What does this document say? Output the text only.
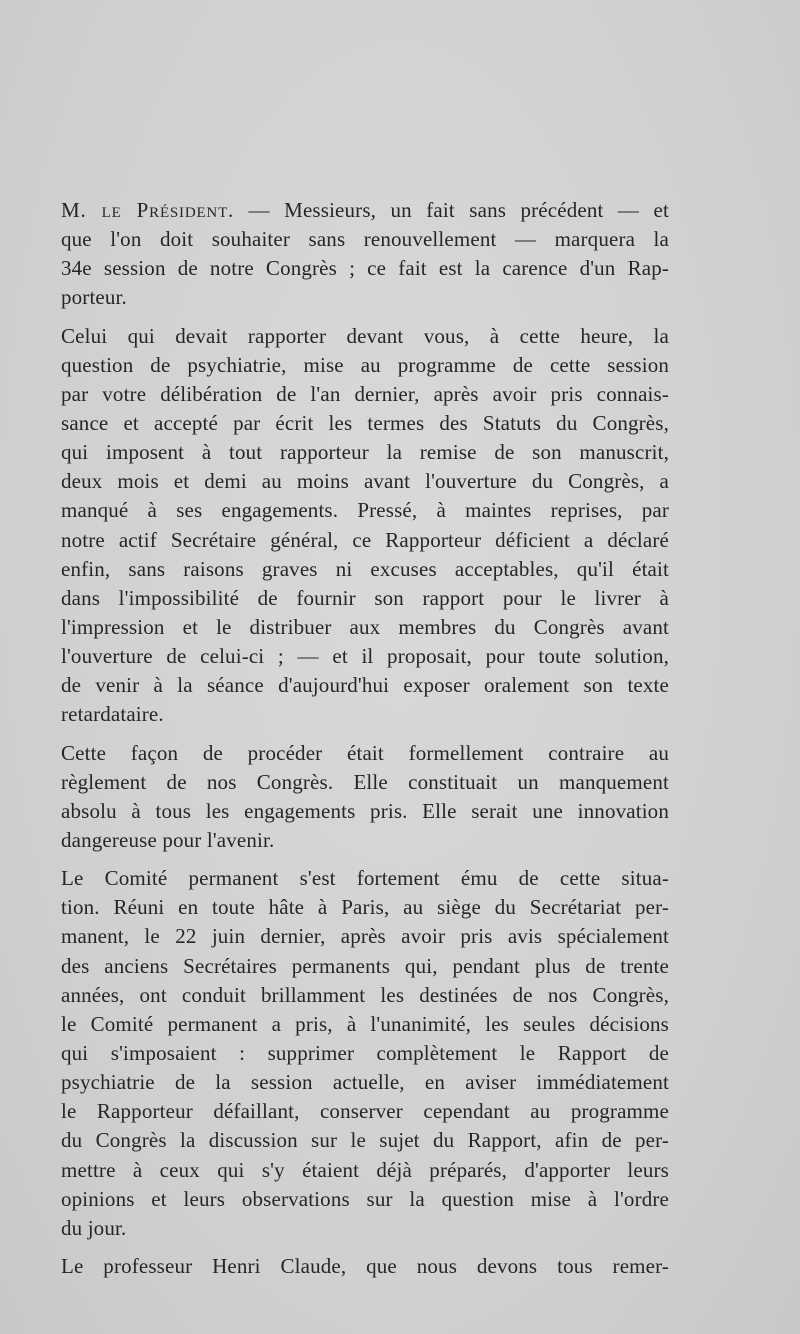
M. le Président. — Messieurs, un fait sans précédent — et
que l'on doit souhaiter sans renouvellement — marquera la
34e session de notre Congrès ; ce fait est la carence d'un Rap-
porteur.
Celui qui devait rapporter devant vous, à cette heure, la
question de psychiatrie, mise au programme de cette session
par votre délibération de l'an dernier, après avoir pris connais-
sance et accepté par écrit les termes des Statuts du Congrès,
qui imposent à tout rapporteur la remise de son manuscrit,
deux mois et demi au moins avant l'ouverture du Congrès, a
manqué à ses engagements. Pressé, à maintes reprises, par
notre actif Secrétaire général, ce Rapporteur déficient a déclaré
enfin, sans raisons graves ni excuses acceptables, qu'il était
dans l'impossibilité de fournir son rapport pour le livrer à
l'impression et le distribuer aux membres du Congrès avant
l'ouverture de celui-ci ; — et il proposait, pour toute solution,
de venir à la séance d'aujourd'hui exposer oralement son texte
retardataire.
Cette façon de procéder était formellement contraire au
règlement de nos Congrès. Elle constituait un manquement
absolu à tous les engagements pris. Elle serait une innovation
dangereuse pour l'avenir.
Le Comité permanent s'est fortement ému de cette situa-
tion. Réuni en toute hâte à Paris, au siège du Secrétariat per-
manent, le 22 juin dernier, après avoir pris avis spécialement
des anciens Secrétaires permanents qui, pendant plus de trente
années, ont conduit brillamment les destinées de nos Congrès,
le Comité permanent a pris, à l'unanimité, les seules décisions
qui s'imposaient : supprimer complètement le Rapport de
psychiatrie de la session actuelle, en aviser immédiatement
le Rapporteur défaillant, conserver cependant au programme
du Congrès la discussion sur le sujet du Rapport, afin de per-
mettre à ceux qui s'y étaient déjà préparés, d'apporter leurs
opinions et leurs observations sur la question mise à l'ordre
du jour.
Le professeur Henri Claude, que nous devons tous remer-
